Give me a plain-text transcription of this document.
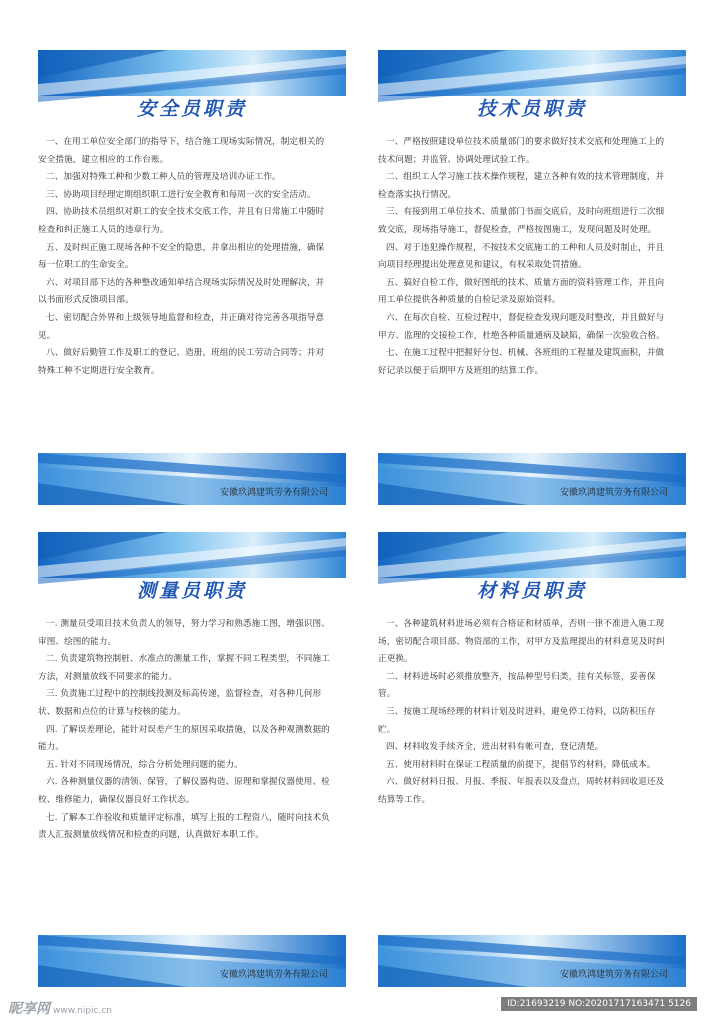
安全员职责

一、在用工单位安全部门的指导下，结合施工现场实际情况，制定相关的安全措施，建立相应的工作台账。

二、加强对特殊工种和少数工种人员的管理及培训办证工作。

三、协助项目经理定期组织职工进行安全教育和每周一次的安全活动。

四、协助技术员组织对职工的安全技术交底工作，并且有日常施工中随时检查和纠正施工人员的违章行为。

五、及时纠正施工现场各种不安全的隐患，并拿出相应的处理措施，确保每一位职工的生命安全。

六、对项目部下达的各种整改通知单结合现场实际情况及时处理解决，并以书面形式反馈项目部。

七、密切配合外界和上级领导地监督和检查，并正确对待完善各项指导意见。

八、做好后勤管工作及职工的登记、造册，班组的民工劳动合同等；并对特殊工种不定期进行安全教育。

安徽玖鸿建筑劳务有限公司
技术员职责

一、严格按照建设单位技术质量部门的要求做好技术交底和处理施工上的技术问题；并监管、协调处理试验工作。

二、组织工人学习施工技术操作规程，建立各种有效的技术管理制度，并检查落实执行情况。

三、有接到用工单位技术、质量部门书面交底后，及时向班组进行二次细致交底，现场指导施工，督促检查，严格按图施工，发现问题及时处理。

四、对于违犯操作规程，不按技术交底施工的工种和人员及时制止，并且向项目经理提出处理意见和建议，有权采取处罚措施。

五、搞好自检工作，做好图纸的技术、质量方面的资料管理工作，并且向用工单位提供各种质量的自检记录及原始资料。

六、在每次自检、互检过程中，督促检查发现问题及时整改，并且做好与甲方、监理的交接检工作，杜绝各种质量通病及缺陷，确保一次验收合格。

七、在施工过程中把握好分包、机械、各班组的工程量及建筑面积，并做好记录以便于后期甲方及班组的结算工作。

安徽玖鸿建筑劳务有限公司
测量员职责

一. 测量员受项目技术负责人的领导，努力学习和熟悉施工图，增强识图、审图、绘图的能力。

二. 负责建筑物控制桩、水准点的测量工作，掌握不同工程类型，不同施工方法，对测量放线不同要求的能力。

三. 负责施工过程中的控制线投测及标高传递，监督检查，对各种几何形状、数据和点位的计算与校核的能力。

四. 了解误差理论，能针对误差产生的原因采取措施，以及各种观测数据的能力。

五. 针对不同现场情况，综合分析处理问题的能力。

六. 各种测量仪器的清领、保管，了解仪器构造、原理和掌握仪器使用、检校、维修能力，确保仪器良好工作状态。

七. 了解本工作验收和质量评定标准，填写上报的工程资八，随时向技术负责人汇报测量放线情况和检查的问题，认真做好本职工作。

安徽玖鸿建筑劳务有限公司
材料员职责

一、各种建筑材料进场必须有合格证和材质单，否则一律不准进入施工现场，密切配合项目部、物资部的工作，对甲方及监理提出的材料意见及时纠正更换。

二、材料进场时必须推放整齐，按品种型号归类，挂有关标签，妥善保管。

三、按施工现场经理的材料计划及时进料，避免停工待料，以防积压存贮。

四、材料收发手续齐全，进出材料有帐可查，登记清楚。

五、使用材料时在保证工程质量的前提下，提倡节约材料，降低成本。

六、做好材料日报、月报、季报、年报表以及盘点，周转材料回收退还及结算等工作。

安徽玖鸿建筑劳务有限公司
昵享网 www.nipic.cn
ID:21693219 NO:20201717163471 5126
